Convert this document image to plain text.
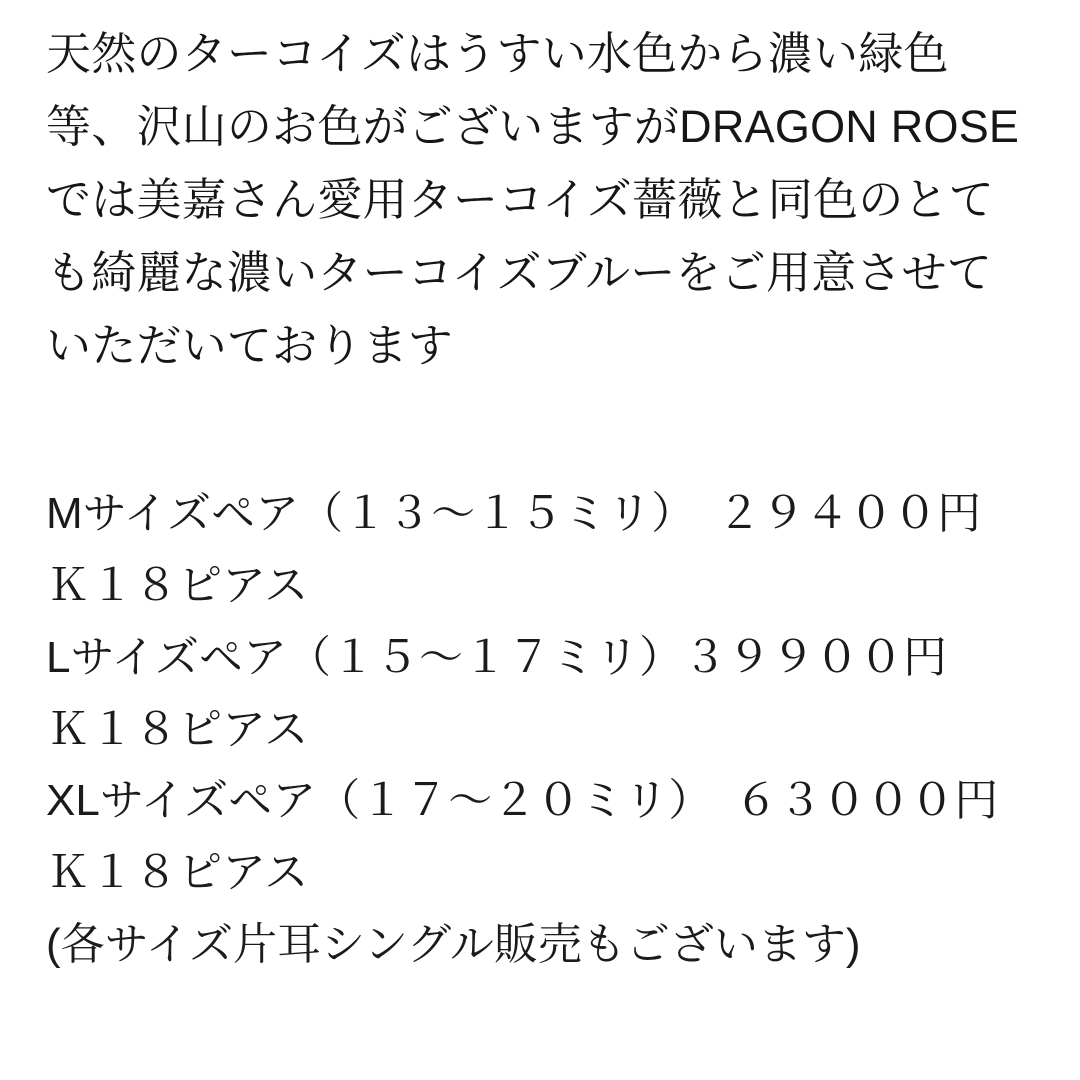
天然のターコイズはうすい水色から濃い緑色等、沢山のお色がございますがDRAGON ROSEでは美嘉さん愛用ターコイズ薔薇と同色のとても綺麗な濃いターコイズブルーをご用意させていただいております

Mサイズペア（１３〜１５ミリ）　２９４００円　Ｋ１８ピアス
Lサイズペア（１５〜１７ミリ）３９９００円　Ｋ１８ピアス
XLサイズペア（１７〜２０ミリ）　６３０００円 Ｋ１８ピアス
(各サイズ片耳シングル販売もございます)
